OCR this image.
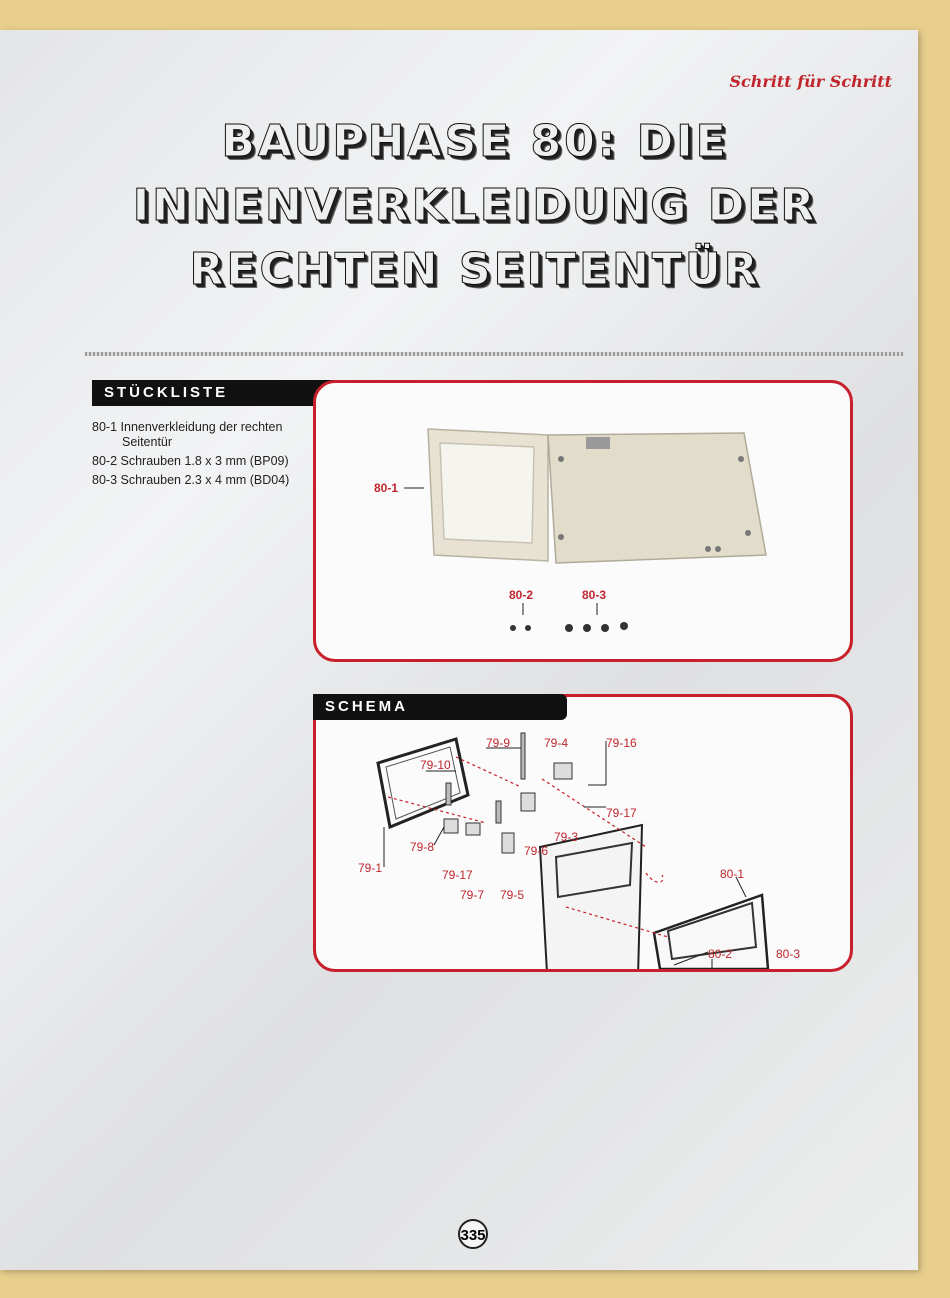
Schritt für Schritt
BAUPHASE 80: DIE
INNENVERKLEIDUNG DER
RECHTEN SEITENTÜR
STÜCKLISTE
80-1 Innenverkleidung der rechten
Seitentür
80-2 Schrauben 1.8 x 3 mm (BP09)
80-3 Schrauben 2.3 x 4 mm (BD04)
80-1
80-2	80-3
79-9	79-4	79-16
79-10
79-17
79-3
79-8	79-6
79-1	79-17
79-7 79-5
80-1
80-2	80-3
SCHEMA
335
